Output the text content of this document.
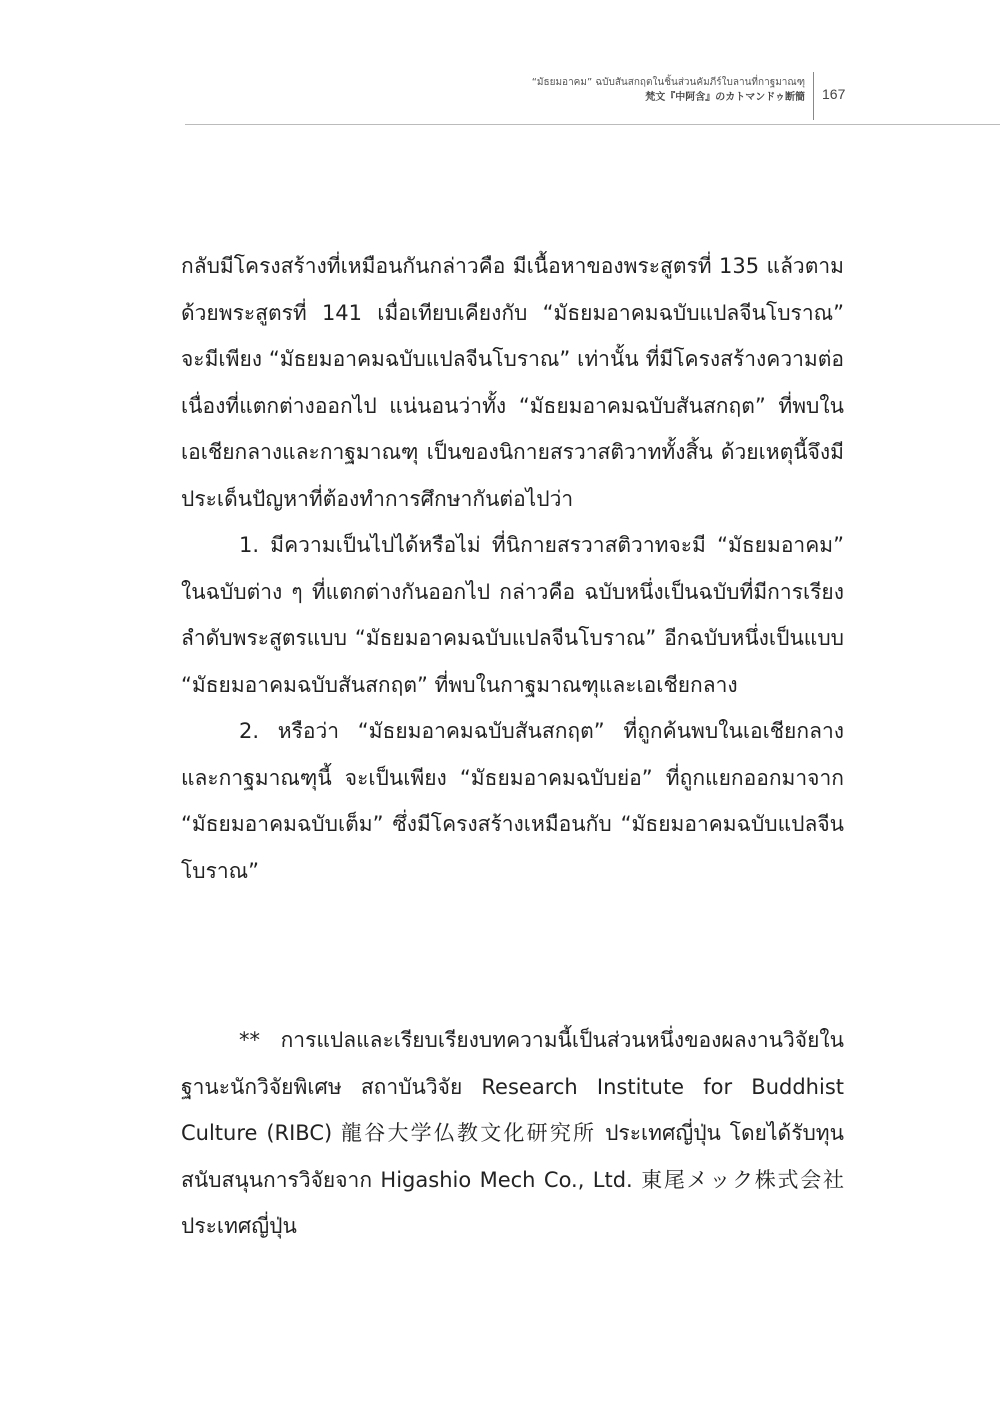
“มัธยมอาคม” ฉบับสันสกฤตในชิ้นส่วนคัมภีร์ใบลานที่กาฐมาณฑุ
梵文『中阿含』のカトマンドゥ断簡 167

กลับมีโครงสร้างที่เหมือนกันกล่าวคือ มีเนื้อหาของพระสูตรที่ 135 แล้วตามด้วยพระสูตรที่ 141 เมื่อเทียบเคียงกับ “มัธยมอาคมฉบับแปลจีนโบราณ” จะมีเพียง “มัธยมอาคมฉบับแปลจีนโบราณ” เท่านั้น ที่มีโครงสร้างความต่อเนื่องที่แตกต่างออกไป แน่นอนว่าทั้ง “มัธยมอาคมฉบับสันสกฤต” ที่พบในเอเชียกลางและกาฐมาณฑุ เป็นของนิกายสรวาสติวาททั้งสิ้น ด้วยเหตุนี้จึงมีประเด็นปัญหาที่ต้องทำการศึกษากันต่อไปว่า

1. มีความเป็นไปได้หรือไม่ ที่นิกายสรวาสติวาทจะมี “มัธยมอาคม” ในฉบับต่าง ๆ ที่แตกต่างกันออกไป กล่าวคือ ฉบับหนึ่งเป็นฉบับที่มีการเรียงลำดับพระสูตรแบบ “มัธยมอาคมฉบับแปลจีนโบราณ” อีกฉบับหนึ่งเป็นแบบ “มัธยมอาคมฉบับสันสกฤต” ที่พบในกาฐมาณฑุและเอเชียกลาง

2. หรือว่า “มัธยมอาคมฉบับสันสกฤต” ที่ถูกค้นพบในเอเชียกลางและกาฐมาณฑุนี้ จะเป็นเพียง “มัธยมอาคมฉบับย่อ” ที่ถูกแยกออกมาจาก “มัธยมอาคมฉบับเต็ม” ซึ่งมีโครงสร้างเหมือนกับ “มัธยมอาคมฉบับแปลจีนโบราณ”

** การแปลและเรียบเรียงบทความนี้เป็นส่วนหนึ่งของผลงานวิจัยในฐานะนักวิจัยพิเศษ สถาบันวิจัย Research Institute for Buddhist Culture (RIBC) 龍谷大学仏教文化研究所 ประเทศญี่ปุ่น โดยได้รับทุนสนับสนุนการวิจัยจาก Higashio Mech Co., Ltd. 東尾メック株式会社 ประเทศญี่ปุ่น
